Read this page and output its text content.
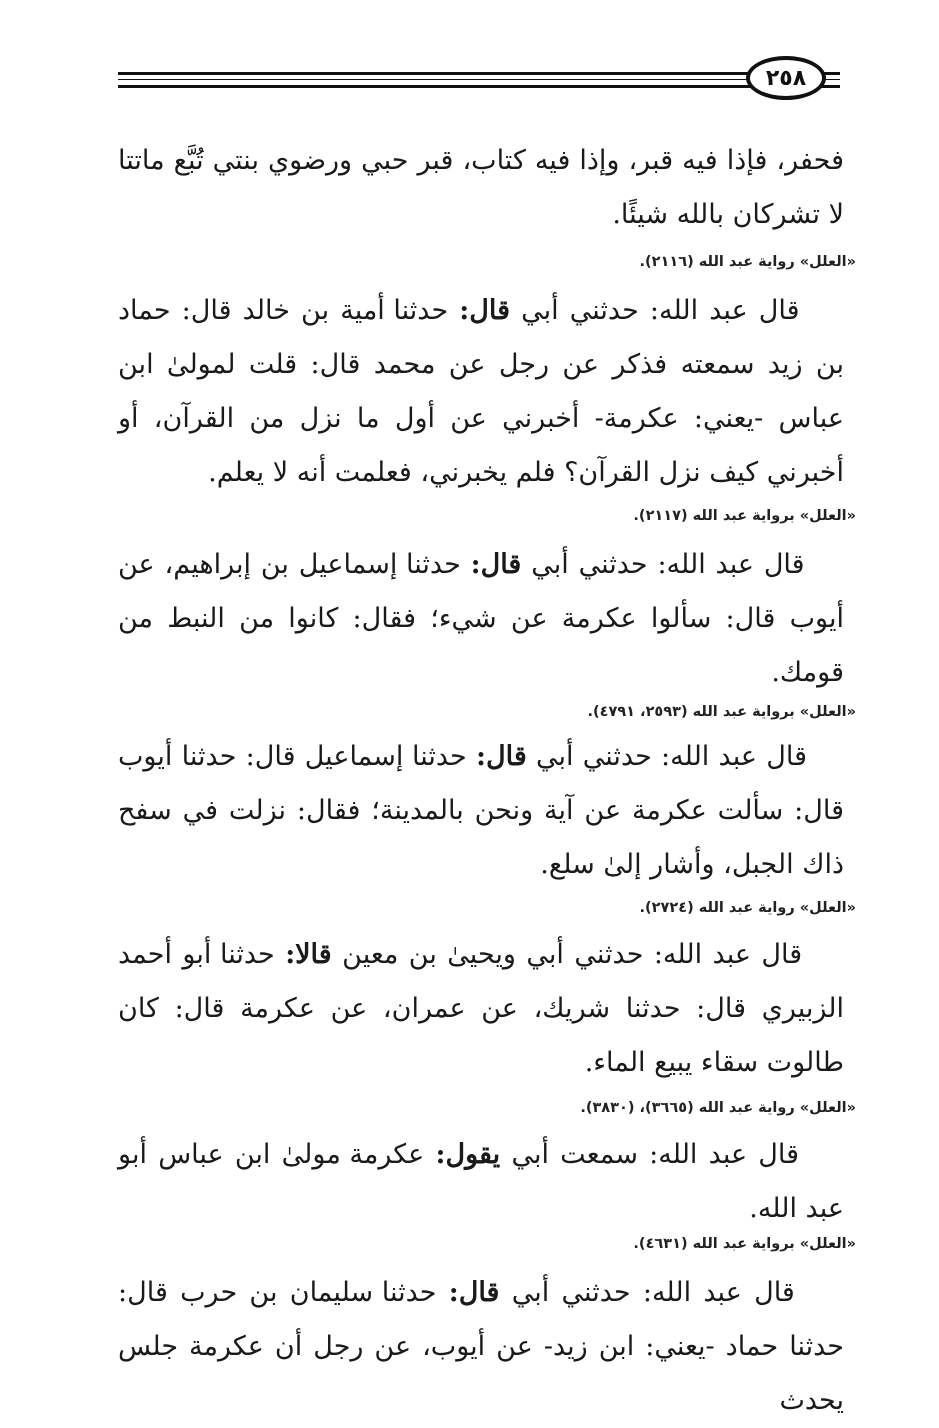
٢٥٨

فحفر، فإذا فيه قبر، وإذا فيه كتاب، قبر حبي ورضوي بنتي تُبَّع ماتتا لا تشركان بالله شيئًا.

«العلل» رواية عبد الله (٢١١٦).

قال عبد الله: حدثني أبي قال: حدثنا أمية بن خالد قال: حماد بن زيد سمعته فذكر عن رجل عن محمد قال: قلت لمولىٰ ابن عباس -يعني: عكرمة- أخبرني عن أول ما نزل من القرآن، أو أخبرني كيف نزل القرآن؟ فلم يخبرني، فعلمت أنه لا يعلم.

«العلل» برواية عبد الله (٢١١٧).

قال عبد الله: حدثني أبي قال: حدثنا إسماعيل بن إبراهيم، عن أيوب قال: سألوا عكرمة عن شيء؛ فقال: كانوا من النبط من قومك.

«العلل» برواية عبد الله (٢٥٩٣، ٤٧٩١).

قال عبد الله: حدثني أبي قال: حدثنا إسماعيل قال: حدثنا أيوب قال: سألت عكرمة عن آية ونحن بالمدينة؛ فقال: نزلت في سفح ذاك الجبل، وأشار إلىٰ سلع.

«العلل» رواية عبد الله (٢٧٢٤).

قال عبد الله: حدثني أبي ويحيىٰ بن معين قالا: حدثنا أبو أحمد الزبيري قال: حدثنا شريك، عن عمران، عن عكرمة قال: كان طالوت سقاء يبيع الماء.

«العلل» رواية عبد الله (٣٦٦٥)، (٣٨٣٠).

قال عبد الله: سمعت أبي يقول: عكرمة مولىٰ ابن عباس أبو عبد الله.

«العلل» برواية عبد الله (٤٦٣١).

قال عبد الله: حدثني أبي قال: حدثنا سليمان بن حرب قال: حدثنا حماد -يعني: ابن زيد- عن أيوب، عن رجل أن عكرمة جلس يحدث
